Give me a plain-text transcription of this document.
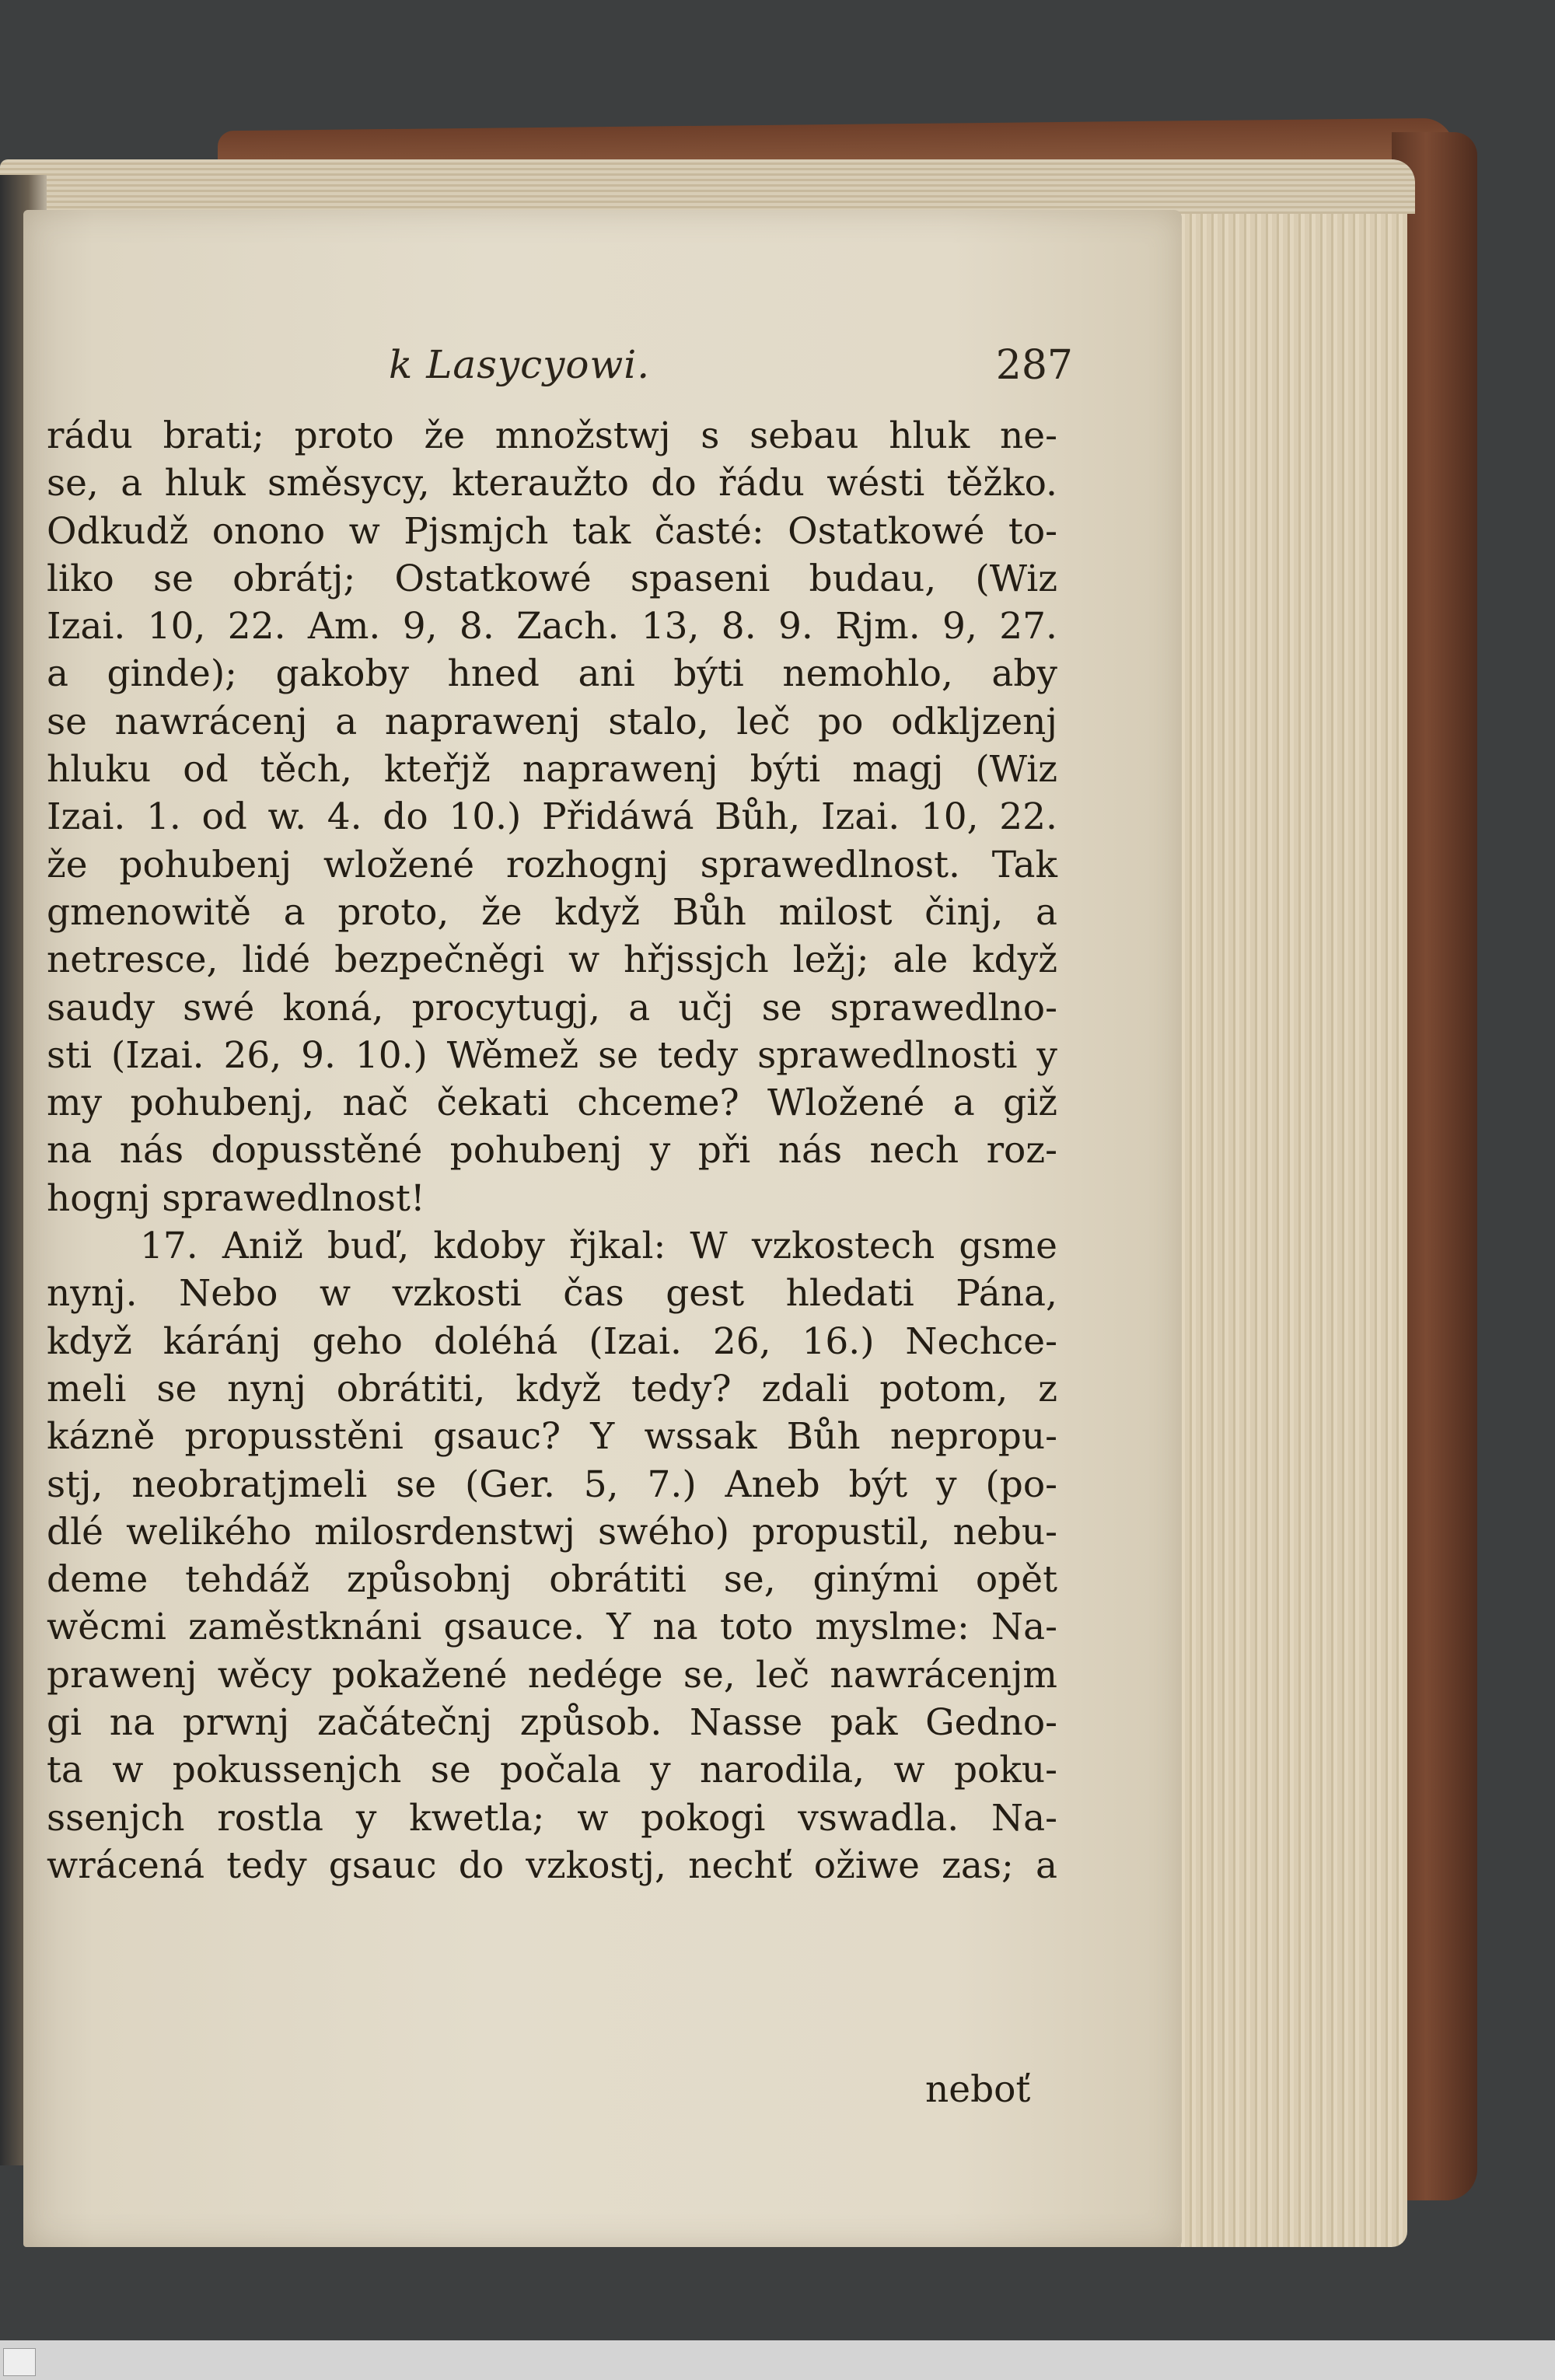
k Lasycyowi.	287
rádu brati; proto že množstwj s sebau hluk ne-
se, a hluk směsycy, kteraužto do řádu wésti těžko.
Odkudž onono w Pjsmjch tak časté: Ostatkowé to-
liko se obrátj; Ostatkowé spaseni budau, (Wiz
Izai. 10, 22. Am. 9, 8. Zach. 13, 8. 9. Rjm. 9, 27.
a ginde); gakoby hned ani býti nemohlo, aby
se nawrácenj a naprawenj stalo, leč po odkljzenj
hluku od těch, kteřjž naprawenj býti magj (Wiz
Izai. 1. od w. 4. do 10.) Přidáwá Bůh, Izai. 10, 22.
že pohubenj wložené rozhognj sprawedlnost. Tak
gmenowitě a proto, že když Bůh milost činj, a
netresce, lidé bezpečněgi w hřjssjch ležj; ale když
saudy swé koná, procytugj, a učj se sprawedlno-
sti (Izai. 26, 9. 10.) Wěmež se tedy sprawedlnosti y
my pohubenj, nač čekati chceme? Wložené a giž
na nás dopusstěné pohubenj y při nás nech roz-
hognj sprawedlnost!
17. Aniž buď, kdoby řjkal: W vzkostech gsme
nynj. Nebo w vzkosti čas gest hledati Pána,
když káránj geho doléhá (Izai. 26, 16.) Nechce-
meli se nynj obrátiti, když tedy? zdali potom, z
kázně propusstěni gsauc? Y wssak Bůh nepropu-
stj, neobratjmeli se (Ger. 5, 7.) Aneb být y (po-
dlé welikého milosrdenstwj swého) propustil, nebu-
deme tehdáž způsobnj obrátiti se, ginými opět
wěcmi zaměstknáni gsauce. Y na toto myslme: Na-
prawenj wěcy pokažené nedége se, leč nawrácenjm
gi na prwnj začátečnj způsob. Nasse pak Gedno-
ta w pokussenjch se počala y narodila, w poku-
ssenjch rostla y kwetla; w pokogi vswadla. Na-
wrácená tedy gsauc do vzkostj, nechť ožiwe zas; a
neboť
